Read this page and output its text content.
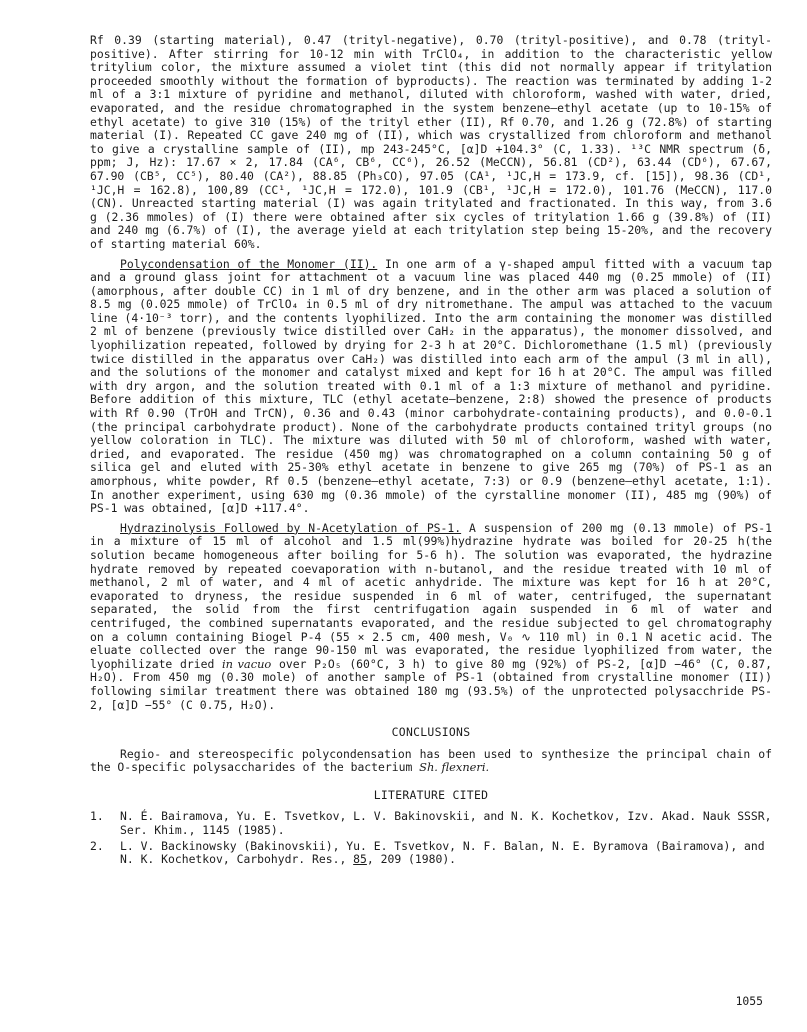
Rf 0.39 (starting material), 0.47 (trityl-negative), 0.70 (trityl-positive), and 0.78 (trityl-positive). After stirring for 10-12 min with TrClO₄, in addition to the characteristic yellow tritylium color, the mixture assumed a violet tint (this did not normally appear if tritylation proceeded smoothly without the formation of byproducts). The reaction was terminated by adding 1-2 ml of a 3:1 mixture of pyridine and methanol, diluted with chloroform, washed with water, dried, evaporated, and the residue chromatographed in the system benzene—ethyl acetate (up to 10-15% of ethyl acetate) to give 310 (15%) of the trityl ether (II), Rf 0.70, and 1.26 g (72.8%) of starting material (I). Repeated CC gave 240 mg of (II), which was crystallized from chloroform and methanol to give a crystalline sample of (II), mp 243-245°C, [α]D +104.3° (C, 1.33). ¹³C NMR spectrum (δ, ppm; J, Hz): 17.67 × 2, 17.84 (CA⁶, CB⁶, CC⁶), 26.52 (MeCCN), 56.81 (CD²), 63.44 (CD⁶), 67.67, 67.90 (CB⁵, CC⁵), 80.40 (CA²), 88.85 (Ph₃CO), 97.05 (CA¹, ¹JC,H = 173.9, cf. [15]), 98.36 (CD¹, ¹JC,H = 162.8), 100,89 (CC¹, ¹JC,H = 172.0), 101.9 (CB¹, ¹JC,H = 172.0), 101.76 (MeCCN), 117.0 (CN). Unreacted starting material (I) was again tritylated and fractionated. In this way, from 3.6 g (2.36 mmoles) of (I) there were obtained after six cycles of tritylation 1.66 g (39.8%) of (II) and 240 mg (6.7%) of (I), the average yield at each tritylation step being 15-20%, and the recovery of starting material 60%.

Polycondensation of the Monomer (II). In one arm of a γ-shaped ampul fitted with a vacuum tap and a ground glass joint for attachment ot a vacuum line was placed 440 mg (0.25 mmole) of (II) (amorphous, after double CC) in 1 ml of dry benzene, and in the other arm was placed a solution of 8.5 mg (0.025 mmole) of TrClO₄ in 0.5 ml of dry nitromethane. The ampul was attached to the vacuum line (4·10⁻³ torr), and the contents lyophilized. Into the arm containing the monomer was distilled 2 ml of benzene (previously twice distilled over CaH₂ in the apparatus), the monomer dissolved, and lyophilization repeated, followed by drying for 2-3 h at 20°C. Dichloromethane (1.5 ml) (previously twice distilled in the apparatus over CaH₂) was distilled into each arm of the ampul (3 ml in all), and the solutions of the monomer and catalyst mixed and kept for 16 h at 20°C. The ampul was filled with dry argon, and the solution treated with 0.1 ml of a 1:3 mixture of methanol and pyridine. Before addition of this mixture, TLC (ethyl acetate—benzene, 2:8) showed the presence of products with Rf 0.90 (TrOH and TrCN), 0.36 and 0.43 (minor carbohydrate-containing products), and 0.0-0.1 (the principal carbohydrate product). None of the carbohydrate products contained trityl groups (no yellow coloration in TLC). The mixture was diluted with 50 ml of chloroform, washed with water, dried, and evaporated. The residue (450 mg) was chromatographed on a column containing 50 g of silica gel and eluted with 25-30% ethyl acetate in benzene to give 265 mg (70%) of PS-1 as an amorphous, white powder, Rf 0.5 (benzene—ethyl acetate, 7:3) or 0.9 (benzene—ethyl acetate, 1:1). In another experiment, using 630 mg (0.36 mmole) of the cyrstalline monomer (II), 485 mg (90%) of PS-1 was obtained, [α]D +117.4°.

Hydrazinolysis Followed by N-Acetylation of PS-1. A suspension of 200 mg (0.13 mmole) of PS-1 in a mixture of 15 ml of alcohol and 1.5 ml(99%)hydrazine hydrate was boiled for 20-25 h(the solution became homogeneous after boiling for 5-6 h). The solution was evaporated, the hydrazine hydrate removed by repeated coevaporation with n-butanol, and the residue treated with 10 ml of methanol, 2 ml of water, and 4 ml of acetic anhydride. The mixture was kept for 16 h at 20°C, evaporated to dryness, the residue suspended in 6 ml of water, centrifuged, the supernatant separated, the solid from the first centrifugation again suspended in 6 ml of water and centrifuged, the combined supernatants evaporated, and the residue subjected to gel chromatography on a column containing Biogel P-4 (55 × 2.5 cm, 400 mesh, V₀ ∿ 110 ml) in 0.1 N acetic acid. The eluate collected over the range 90-150 ml was evaporated, the residue lyophilized from water, the lyophilizate dried in vacuo over P₂O₅ (60°C, 3 h) to give 80 mg (92%) of PS-2, [α]D −46° (C, 0.87, H₂O). From 450 mg (0.30 mole) of another sample of PS-1 (obtained from crystalline monomer (II)) following similar treatment there was obtained 180 mg (93.5%) of the unprotected polysacchride PS-2, [α]D −55° (C 0.75, H₂O).

CONCLUSIONS

Regio- and stereospecific polycondensation has been used to synthesize the principal chain of the O-specific polysaccharides of the bacterium Sh. flexneri.

LITERATURE CITED
1.	N. É. Bairamova, Yu. E. Tsvetkov, L. V. Bakinovskii, and N. K. Kochetkov, Izv. Akad. Nauk SSSR, Ser. Khim., 1145 (1985).
2.	L. V. Backinowsky (Bakinovskii), Yu. E. Tsvetkov, N. F. Balan, N. E. Byramova (Bairamova), and N. K. Kochetkov, Carbohydr. Res., 85, 209 (1980).
1055
